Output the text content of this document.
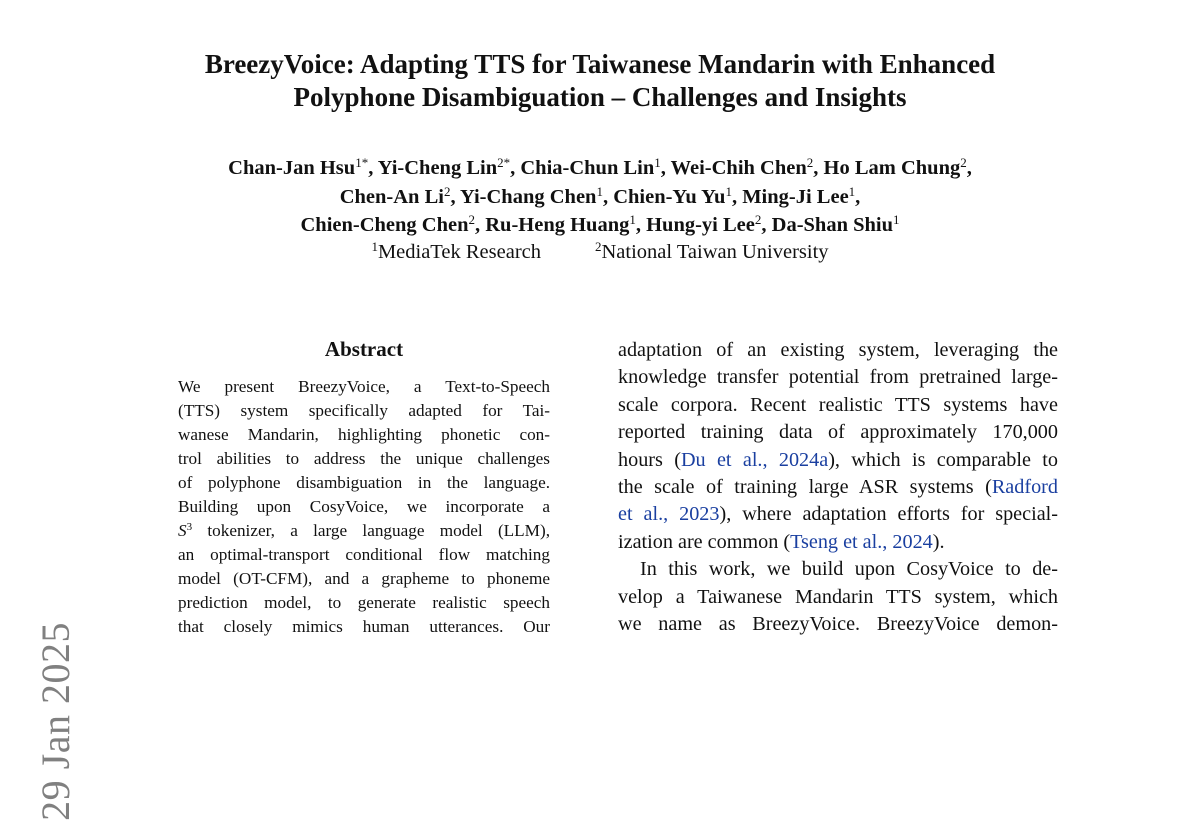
29 Jan 2025
BreezyVoice: Adapting TTS for Taiwanese Mandarin with Enhanced
Polyphone Disambiguation – Challenges and Insights
Chan-Jan Hsu$^{1*}$, Yi-Cheng Lin$^{2*}$, Chia-Chun Lin$^1$, Wei-Chih Chen$^2$, Ho Lam Chung$^2$,
Chen-An Li$^2$, Yi-Chang Chen$^1$, Chien-Yu Yu$^1$, Ming-Ji Lee$^1$,
Chien-Cheng Chen$^2$, Ru-Heng Huang$^1$, Hung-yi Lee$^2$, Da-Shan Shiu$^1$
$^1$MediaTek Research	$^2$National Taiwan University
Abstract
We present BreezyVoice, a Text-to-Speech
(TTS) system specifically adapted for Tai-
wanese Mandarin, highlighting phonetic con-
trol abilities to address the unique challenges
of polyphone disambiguation in the language.
Building upon CosyVoice, we incorporate a
$S^3$ tokenizer, a large language model (LLM),
an optimal-transport conditional flow matching
model (OT-CFM), and a grapheme to phoneme
prediction model, to generate realistic speech
that closely mimics human utterances. Our
adaptation of an existing system, leveraging the
knowledge transfer potential from pretrained large-
scale corpora. Recent realistic TTS systems have
reported training data of approximately 170,000
hours (Du et al., 2024a), which is comparable to
the scale of training large ASR systems (Radford
et al., 2023), where adaptation efforts for special-
ization are common (Tseng et al., 2024).
In this work, we build upon CosyVoice to de-
velop a Taiwanese Mandarin TTS system, which
we name as BreezyVoice. BreezyVoice demon-
